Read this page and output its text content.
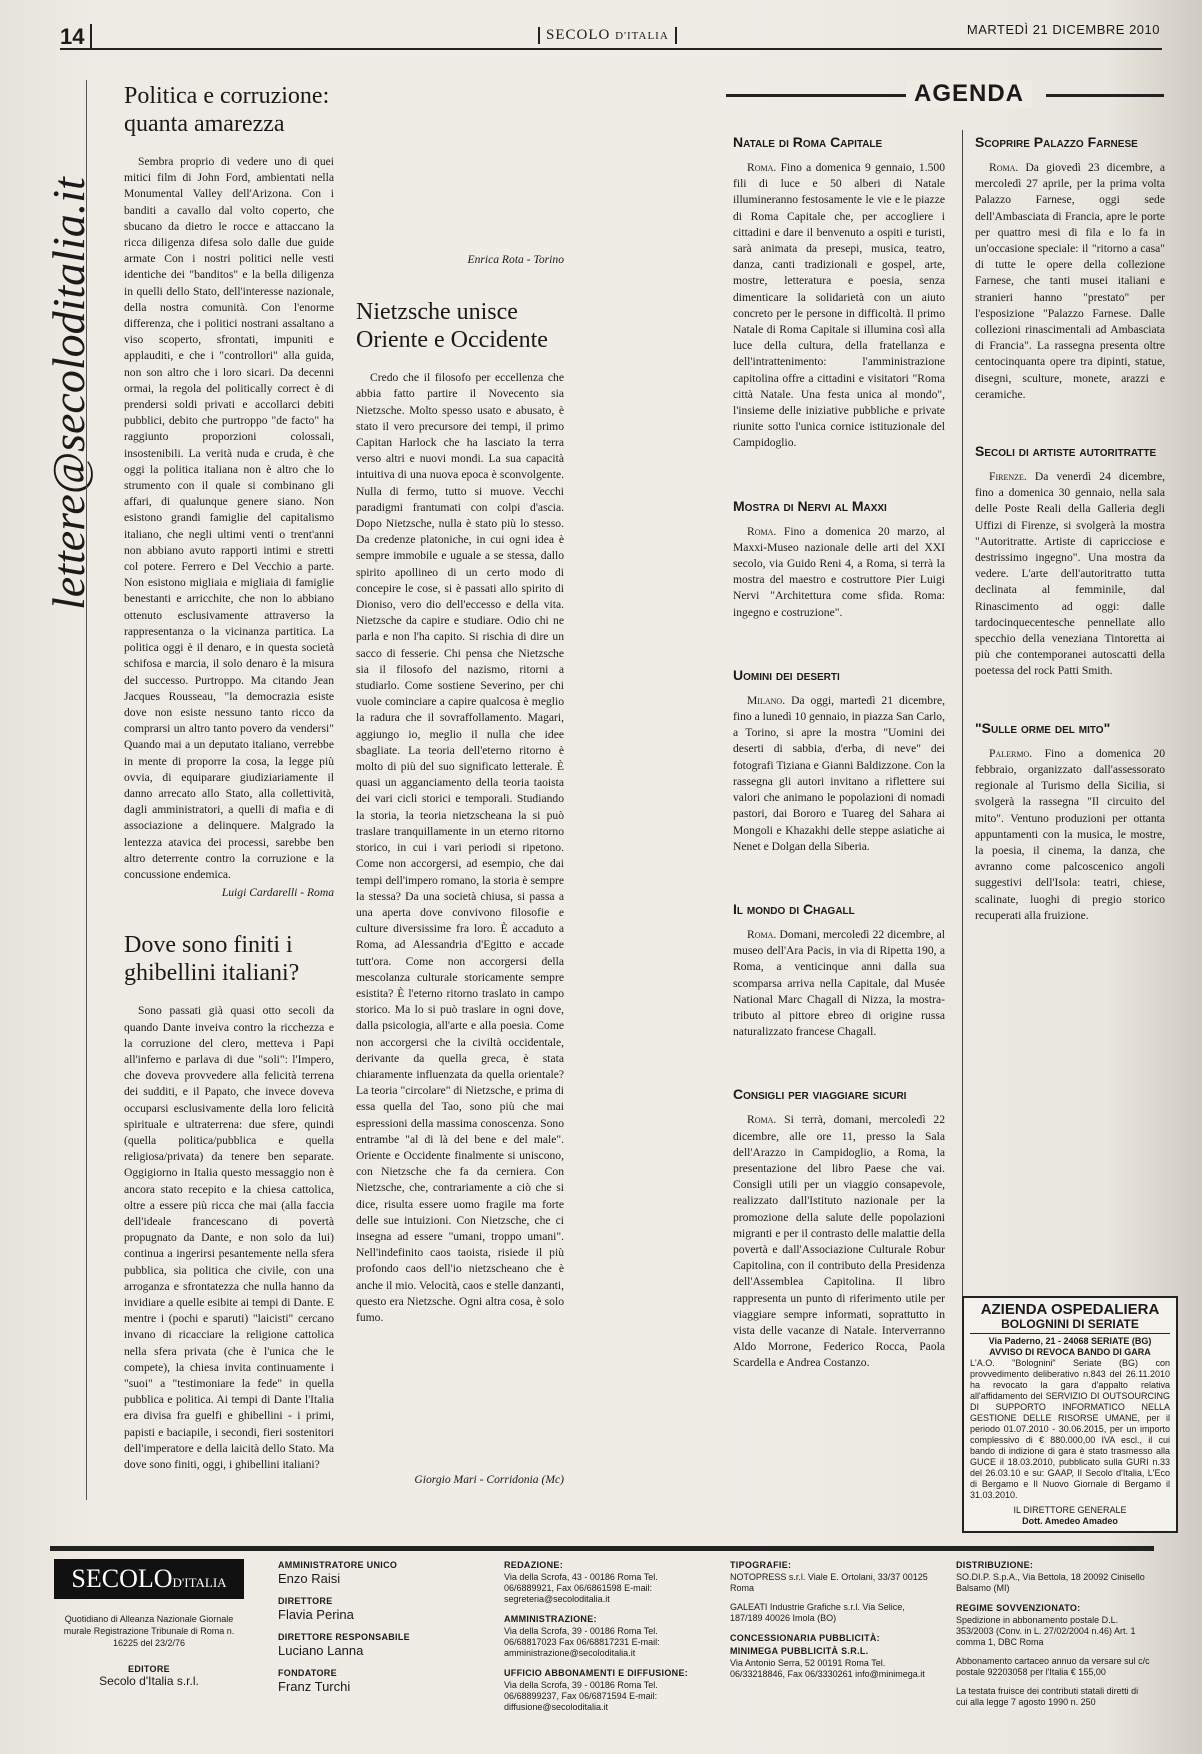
14	SECOLO D'ITALIA	MARTEDÌ 21 DICEMBRE 2010
lettere@secoloditalia.it
Politica e corruzione: quanta amarezza

Sembra proprio di vedere uno di quei mitici film di John Ford, ambientati nella Monumental Valley dell'Arizona. Con i banditi a cavallo dal volto coperto, che sbucano da dietro le rocce e attaccano la ricca diligenza difesa solo dalle due guide armate Con i nostri politici nelle vesti identiche dei "banditos" e la bella diligenza in quelli dello Stato, dell'interesse nazionale, della nostra comunità. Con l'enorme differenza, che i politici nostrani assaltano a viso scoperto, sfrontati, impuniti e applauditi, e che i "controllori" alla guida, non son altro che i loro sicari. Da decenni ormai, la regola del politically correct è di prendersi soldi privati e accollarci debiti pubblici, debito che purtroppo "de facto" ha raggiunto proporzioni colossali, insostenibili. La verità nuda e cruda, è che oggi la politica italiana non è altro che lo strumento con il quale si combinano gli affari, di qualunque genere siano. Non esistono grandi famiglie del capitalismo italiano, che negli ultimi venti o trent'anni non abbiano avuto rapporti intimi e stretti col potere. Ferrero e Del Vecchio a parte. Non esistono migliaia e migliaia di famiglie benestanti e arricchite, che non lo abbiano ottenuto esclusivamente attraverso la rappresentanza o la vicinanza partitica. La politica oggi è il denaro, e in questa società schifosa e marcia, il solo denaro è la misura del successo. Purtroppo. Ma citando Jean Jacques Rousseau, "la democrazia esiste dove non esiste nessuno tanto ricco da comprarsi un altro tanto povero da vendersi" Quando mai a un deputato italiano, verrebbe in mente di proporre la cosa, la legge più ovvia, di equiparare giudiziariamente il danno arrecato allo Stato, alla collettività, dagli amministratori, a quelli di mafia e di associazione a delinquere. Malgrado la lentezza atavica dei processi, sarebbe ben altro deterrente contro la corruzione e la concussione endemica.

Luigi Cardarelli - Roma

Dove sono finiti i ghibellini italiani?

Sono passati già quasi otto secoli da quando Dante inveiva contro la ricchezza e la corruzione del clero, metteva i Papi all'inferno e parlava di due "soli": l'Impero, che doveva provvedere alla felicità terrena dei sudditi, e il Papato, che invece doveva occuparsi esclusivamente della loro felicità spirituale e ultraterrena: due sfere, quindi (quella politica/pubblica e quella religiosa/privata) da tenere ben separate. Oggigiorno in Italia questo messaggio non è ancora stato recepito e la chiesa cattolica, oltre a essere più ricca che mai (alla faccia dell'ideale francescano di povertà propugnato da Dante, e non solo da lui) continua a ingerirsi pesantemente nella sfera pubblica, sia politica che civile, con una arroganza e sfrontatezza che nulla hanno da invidiare a quelle esibite ai tempi di Dante. E mentre i (pochi e sparuti) "laicisti" cercano invano di ricacciare la religione cattolica nella sfera privata (che è l'unica che le compete), la chiesa invita continuamente i "suoi" a "testimoniare la fede" in quella pubblica e politica. Ai tempi di Dante l'Italia era divisa fra guelfi e ghibellini - i primi, papisti e baciapile, i secondi, fieri sostenitori dell'imperatore e della laicità dello Stato. Ma dove sono finiti, oggi, i ghibellini italiani?

Enrica Rota - Torino

Nietzsche unisce Oriente e Occidente

Credo che il filosofo per eccellenza che abbia fatto partire il Novecento sia Nietzsche. Molto spesso usato e abusato, è stato il vero precursore dei tempi, il primo Capitan Harlock che ha lasciato la terra verso altri e nuovi mondi. La sua capacità intuitiva di una nuova epoca è sconvolgente. Nulla di fermo, tutto si muove. Vecchi paradigmi frantumati con colpi d'ascia. Dopo Nietzsche, nulla è stato più lo stesso. Da credenze platoniche, in cui ogni idea è sempre immobile e uguale a se stessa, dallo spirito apollineo di un certo modo di concepire le cose, si è passati allo spirito di Dioniso, vero dio dell'eccesso e della vita. Nietzsche da capire e studiare. Odio chi ne parla e non l'ha capito. Si rischia di dire un sacco di fesserie. Chi pensa che Nietzsche sia il filosofo del nazismo, ritorni a studiarlo. Come sostiene Severino, per chi vuole cominciare a capire qualcosa è meglio la radura che il sovraffollamento. Magari, aggiungo io, meglio il nulla che idee sbagliate. La teoria dell'eterno ritorno è molto di più del suo significato letterale. È quasi un agganciamento della teoria taoista dei vari cicli storici e temporali. Studiando la storia, la teoria nietzscheana la si può traslare tranquillamente in un eterno ritorno storico, in cui i vari periodi si ripetono. Come non accorgersi, ad esempio, che dai tempi dell'impero romano, la storia è sempre la stessa? Da una società chiusa, si passa a una aperta dove convivono filosofie e culture diversissime fra loro. È accaduto a Roma, ad Alessandria d'Egitto e accade tutt'ora. Come non accorgersi della mescolanza culturale storicamente sempre esistita? È l'eterno ritorno traslato in campo storico. Ma lo si può traslare in ogni dove, dalla psicologia, all'arte e alla poesia. Come non accorgersi che la civiltà occidentale, derivante da quella greca, è stata chiaramente influenzata da quella orientale? La teoria "circolare" di Nietzsche, e prima di essa quella del Tao, sono più che mai espressioni della massima conoscenza. Sono entrambe "al di là del bene e del male". Oriente e Occidente finalmente si uniscono, con Nietzsche che fa da cerniera. Con Nietzsche, che, contrariamente a ciò che si dice, risulta essere uomo fragile ma forte delle sue intuizioni. Con Nietzsche, che ci insegna ad essere "umani, troppo umani". Nell'indefinito caos taoista, risiede il più profondo caos dell'io nietzscheano che è anche il mio. Velocità, caos e stelle danzanti, questo era Nietzsche. Ogni altra cosa, è solo fumo.

Giorgio Mari - Corridonia (Mc)

AGENDA
Natale di Roma Capitale

Roma. Fino a domenica 9 gennaio, 1.500 fili di luce e 50 alberi di Natale illumineranno festosamente le vie e le piazze di Roma Capitale che, per accogliere i cittadini e dare il benvenuto a ospiti e turisti, sarà animata da presepi, musica, teatro, danza, canti tradizionali e gospel, arte, mostre, letteratura e poesia, senza dimenticare la solidarietà con un aiuto concreto per le persone in difficoltà. Il primo Natale di Roma Capitale si illumina così alla luce della cultura, della fratellanza e dell'intrattenimento: l'amministrazione capitolina offre a cittadini e visitatori "Roma città Natale. Una festa unica al mondo", l'insieme delle iniziative pubbliche e private riunite sotto l'unica cornice istituzionale del Campidoglio.

Mostra di Nervi al Maxxi

Roma. Fino a domenica 20 marzo, al Maxxi-Museo nazionale delle arti del XXI secolo, via Guido Reni 4, a Roma, si terrà la mostra del maestro e costruttore Pier Luigi Nervi "Architettura come sfida. Roma: ingegno e costruzione".

Uomini dei deserti

Milano. Da oggi, martedì 21 dicembre, fino a lunedì 10 gennaio, in piazza San Carlo, a Torino, si apre la mostra "Uomini dei deserti di sabbia, d'erba, di neve" dei fotografi Tiziana e Gianni Baldizzone. Con la rassegna gli autori invitano a riflettere sui valori che animano le popolazioni di nomadi pastori, dai Bororo e Tuareg del Sahara ai Mongoli e Khazakhi delle steppe asiatiche ai Nenet e Dolgan della Siberia.

Il mondo di Chagall

Roma. Domani, mercoledì 22 dicembre, al museo dell'Ara Pacis, in via di Ripetta 190, a Roma, a venticinque anni dalla sua scomparsa arriva nella Capitale, dal Musée National Marc Chagall di Nizza, la mostra-tributo al pittore ebreo di origine russa naturalizzato francese Chagall.

Consigli per viaggiare sicuri

Roma. Si terrà, domani, mercoledì 22 dicembre, alle ore 11, presso la Sala dell'Arazzo in Campidoglio, a Roma, la presentazione del libro Paese che vai. Consigli utili per un viaggio consapevole, realizzato dall'Istituto nazionale per la promozione della salute delle popolazioni migranti e per il contrasto delle malattie della povertà e dall'Associazione Culturale Robur Capitolina, con il contributo della Presidenza dell'Assemblea Capitolina. Il libro rappresenta un punto di riferimento utile per viaggiare sempre informati, soprattutto in vista delle vacanze di Natale. Interverranno Aldo Morrone, Federico Rocca, Paola Scardella e Andrea Costanzo.

Scoprire Palazzo Farnese

Roma. Da giovedì 23 dicembre, a mercoledì 27 aprile, per la prima volta Palazzo Farnese, oggi sede dell'Ambasciata di Francia, apre le porte per quattro mesi di fila e lo fa in un'occasione speciale: il "ritorno a casa" di tutte le opere della collezione Farnese, che tanti musei italiani e stranieri hanno "prestato" per l'esposizione "Palazzo Farnese. Dalle collezioni rinascimentali ad Ambasciata di Francia". La rassegna presenta oltre centocinquanta opere tra dipinti, statue, disegni, sculture, monete, arazzi e ceramiche.

Secoli di artiste autoritratte

Firenze. Da venerdì 24 dicembre, fino a domenica 30 gennaio, nella sala delle Poste Reali della Galleria degli Uffizi di Firenze, si svolgerà la mostra "Autoritratte. Artiste di capricciose e destrissimo ingegno". Una mostra da vedere. L'arte dell'autoritratto tutta declinata al femminile, dal Rinascimento ad oggi: dalle tardocinquecentesche pennellate allo specchio della veneziana Tintoretta ai più che contemporanei autoscatti della poetessa del rock Patti Smith.

"Sulle orme del mito"

Palermo. Fino a domenica 20 febbraio, organizzato dall'assessorato regionale al Turismo della Sicilia, si svolgerà la rassegna "Il circuito del mito". Ventuno produzioni per ottanta appuntamenti con la musica, le mostre, la poesia, il cinema, la danza, che avranno come palcoscenico angoli suggestivi dell'Isola: teatri, chiese, scalinate, luoghi di pregio storico recuperati alla fruizione.

AZIENDA OSPEDALIERA
BOLOGNINI DI SERIATE
Via Paderno, 21 - 24068 SERIATE (BG)
AVVISO DI REVOCA BANDO DI GARA
L'A.O. "Bolognini" Seriate (BG) con provvedimento deliberativo n.843 del 26.11.2010 ha revocato la gara d'appalto relativa all'affidamento del SERVIZIO DI OUTSOURCING DI SUPPORTO INFORMATICO NELLA GESTIONE DELLE RISORSE UMANE, per il periodo 01.07.2010 - 30.06.2015, per un importo complessivo di € 880.000,00 IVA escl., il cui bando di indizione di gara è stato trasmesso alla GUCE il 18.03.2010, pubblicato sulla GURI n.33 del 26.03.10 e su: GAAP, Il Secolo d'Italia, L'Eco di Bergamo e Il Nuovo Giornale di Bergamo il 31.03.2010.
IL DIRETTORE GENERALE
Dott. Amedeo Amadeo
SECOLOD'ITALIA
Quotidiano di Alleanza Nazionale Giornale murale Registrazione Tribunale di Roma n. 16225 del 23/2/76
EDITORE
Secolo d'Italia s.r.l.
AMMINISTRATORE UNICO
Enzo Raisi
DIRETTORE
Flavia Perina
DIRETTORE RESPONSABILE
Luciano Lanna
FONDATORE
Franz Turchi
REDAZIONE:
Via della Scrofa, 43 - 00186 Roma Tel. 06/6889921, Fax 06/6861598 E-mail: segreteria@secoloditalia.it
AMMINISTRAZIONE:
Via della Scrofa, 39 - 00186 Roma Tel. 06/68817023 Fax 06/68817231 E-mail: amministrazione@secoloditalia.it
UFFICIO ABBONAMENTI E DIFFUSIONE:
Via della Scrofa, 39 - 00186 Roma Tel. 06/68899237, Fax 06/6871594 E-mail: diffusione@secoloditalia.it
TIPOGRAFIE:
NOTOPRESS s.r.l. Viale E. Ortolani, 33/37 00125 Roma
GALEATI Industrie Grafiche s.r.l. Via Selice, 187/189 40026 Imola (BO)
CONCESSIONARIA PUBBLICITÀ: MINIMEGA PUBBLICITÀ S.R.L.
Via Antonio Serra, 52 00191 Roma Tel. 06/33218846, Fax 06/3330261 info@minimega.it
DISTRIBUZIONE:
SO.DI.P. S.p.A., Via Bettola, 18 20092 Cinisello Balsamo (MI)
REGIME SOVVENZIONATO:
Spedizione in abbonamento postale D.L. 353/2003 (Conv. in L. 27/02/2004 n.46) Art. 1 comma 1, DBC Roma
Abbonamento cartaceo annuo da versare sul c/c postale 92203058 per l'Italia € 155,00
La testata fruisce dei contributi statali diretti di cui alla legge 7 agosto 1990 n. 250
